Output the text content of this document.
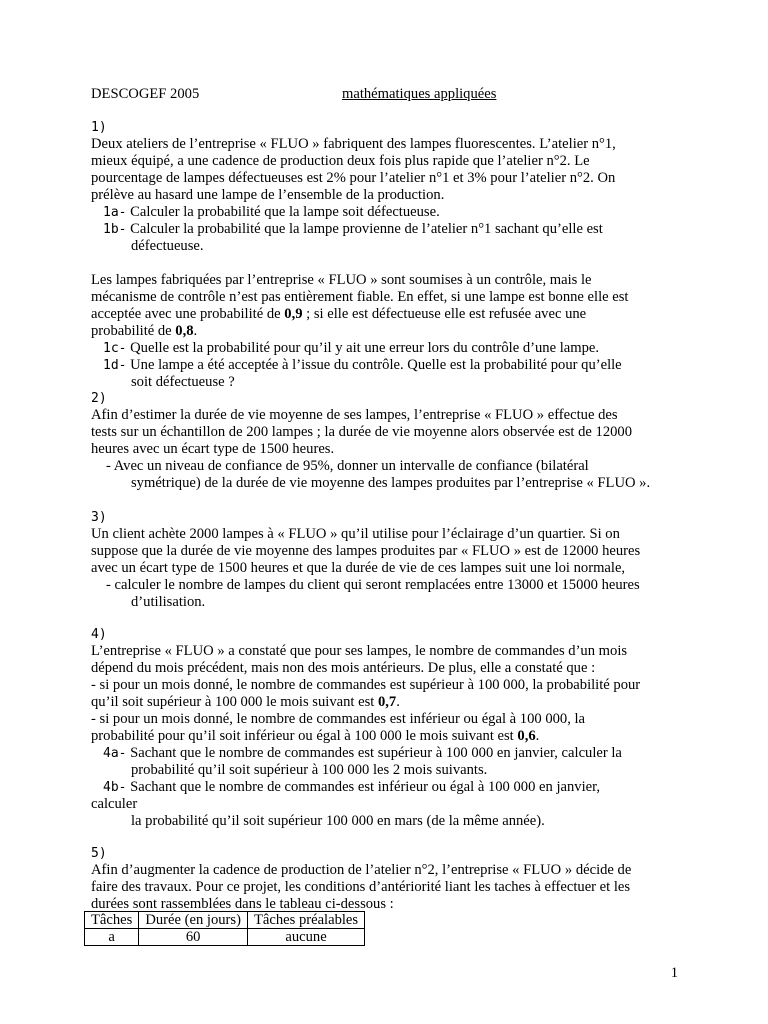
DESCOGEF 2005	mathématiques appliquées
1)
Deux ateliers de l’entreprise « FLUO » fabriquent des lampes fluorescentes. L’atelier n°1,
mieux équipé, a une cadence de production deux fois plus rapide que l’atelier n°2. Le
pourcentage de lampes défectueuses est 2% pour l’atelier n°1 et 3% pour l’atelier n°2. On
prélève au hasard une lampe de l’ensemble de la production.
1a- Calculer la probabilité que la lampe soit défectueuse.
1b- Calculer la probabilité que la lampe provienne de l’atelier n°1 sachant qu’elle est
défectueuse.
Les lampes fabriquées par l’entreprise « FLUO » sont soumises à un contrôle, mais le
mécanisme de contrôle n’est pas entièrement fiable. En effet, si une lampe est bonne elle est
acceptée avec une probabilité de 0,9 ; si elle est défectueuse elle est refusée avec une
probabilité de 0,8.
1c- Quelle est la probabilité pour qu’il y ait une erreur lors du contrôle d’une lampe.
1d- Une lampe a été acceptée à l’issue du contrôle. Quelle est la probabilité pour qu’elle
soit défectueuse ?
2)
Afin d’estimer la durée de vie moyenne de ses lampes, l’entreprise « FLUO » effectue des
tests sur un échantillon de 200 lampes ; la durée de vie moyenne alors observée est de 12000
heures avec un écart type de 1500 heures.
- Avec un niveau de confiance de 95%, donner un intervalle de confiance (bilatéral
symétrique) de la durée de vie moyenne des lampes produites par l’entreprise « FLUO ».
3)
Un client achète 2000 lampes à « FLUO » qu’il utilise pour l’éclairage d’un quartier. Si on
suppose que la durée de vie moyenne des lampes produites par « FLUO » est de 12000 heures
avec un écart type de 1500 heures et que la durée de vie de ces lampes suit une loi normale,
- calculer le nombre de lampes du client qui seront remplacées entre 13000 et 15000 heures
d’utilisation.
4)
L’entreprise « FLUO » a constaté que pour ses lampes, le nombre de commandes d’un mois
dépend du mois précédent, mais non des mois antérieurs. De plus, elle a constaté que :
- si pour un mois donné, le nombre de commandes est supérieur à 100 000, la probabilité pour
qu’il soit supérieur à 100 000 le mois suivant est 0,7.
- si pour un mois donné, le nombre de commandes est inférieur ou égal à 100 000, la
probabilité pour qu’il soit inférieur ou égal à 100 000 le mois suivant est 0,6.
4a- Sachant que le nombre de commandes est supérieur à 100 000 en janvier, calculer la
probabilité qu’il soit supérieur à 100 000 les 2 mois suivants.
4b- Sachant que le nombre de commandes est inférieur ou égal à 100 000 en janvier,
calculer
la probabilité qu’il soit supérieur 100 000 en mars (de la même année).
5)
Afin d’augmenter la cadence de production de l’atelier n°2, l’entreprise « FLUO » décide de
faire des travaux. Pour ce projet, les conditions d’antériorité liant les taches à effectuer et les
durées sont rassemblées dans le tableau ci-dessous :
Tâches	Durée (en jours)	Tâches préalables
a	60	aucune
1
